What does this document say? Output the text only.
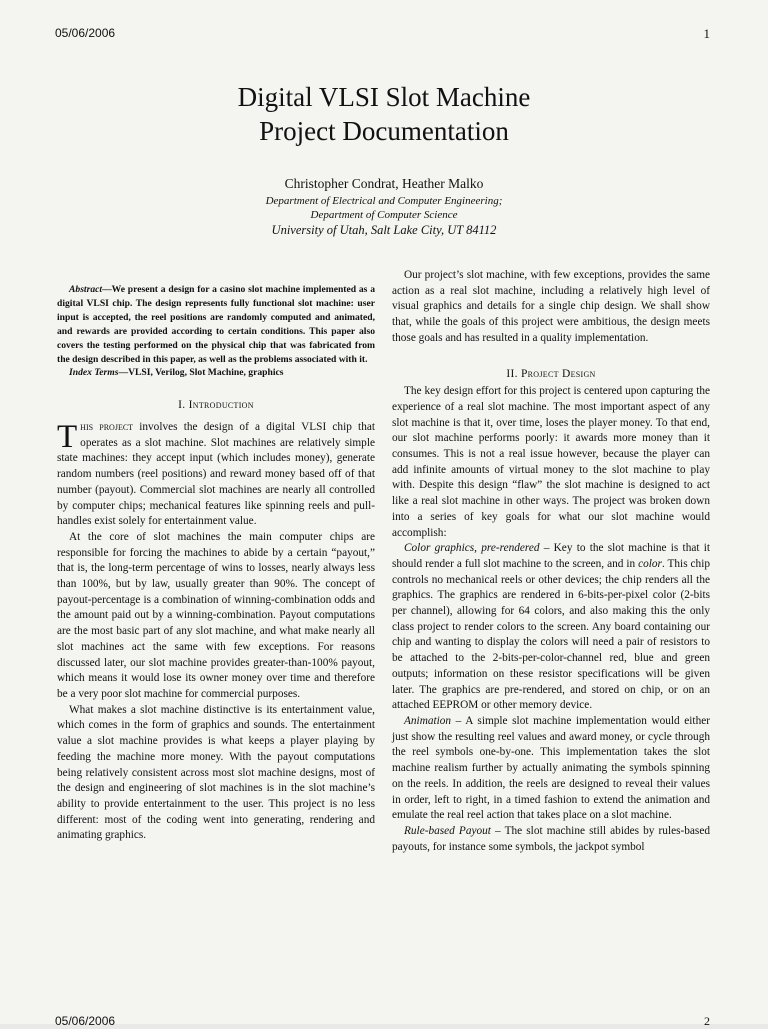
05/06/2006	1
Digital VLSI Slot Machine
Project Documentation
Christopher Condrat, Heather Malko
Department of Electrical and Computer Engineering;
Department of Computer Science
University of Utah, Salt Lake City, UT 84112

Abstract—We present a design for a casino slot machine implemented as a digital VLSI chip. The design represents fully functional slot machine: user input is accepted, the reel positions are randomly computed and animated, and rewards are provided according to certain conditions. This paper also covers the testing performed on the physical chip that was fabricated from the design described in this paper, as well as the problems associated with it.

Index Terms—VLSI, Verilog, Slot Machine, graphics

I. Introduction

This project involves the design of a digital VLSI chip that operates as a slot machine. Slot machines are relatively simple state machines: they accept input (which includes money), generate random numbers (reel positions) and reward money based off of that number (payout). Commercial slot machines are nearly all controlled by computer chips; mechanical features like spinning reels and pull-handles exist solely for entertainment value.

At the core of slot machines the main computer chips are responsible for forcing the machines to abide by a certain “payout,” that is, the long-term percentage of wins to losses, nearly always less than 100%, but by law, usually greater than 90%. The concept of payout-percentage is a combination of winning-combination odds and the amount paid out by a winning-combination. Payout computations are the most basic part of any slot machine, and what make nearly all slot machines act the same with few exceptions. For reasons discussed later, our slot machine provides greater-than-100% payout, which means it would lose its owner money over time and therefore be a very poor slot machine for commercial purposes.

What makes a slot machine distinctive is its entertainment value, which comes in the form of graphics and sounds. The entertainment value a slot machine provides is what keeps a player playing by feeding the machine more money. With the payout computations being relatively consistent across most slot machine designs, most of the design and engineering of slot machines is in the slot machine’s ability to provide entertainment to the user. This project is no less different: most of the coding went into generating, rendering and animating graphics.

Our project’s slot machine, with few exceptions, provides the same action as a real slot machine, including a relatively high level of visual graphics and details for a single chip design. We shall show that, while the goals of this project were ambitious, the design meets those goals and has resulted in a quality implementation.

II. Project Design

The key design effort for this project is centered upon capturing the experience of a real slot machine. The most important aspect of any slot machine is that it, over time, loses the player money. To that end, our slot machine performs poorly: it awards more money than it consumes. This is not a real issue however, because the player can add infinite amounts of virtual money to the slot machine to play with. Despite this design “flaw” the slot machine is designed to act like a real slot machine in other ways. The project was broken down into a series of key goals for what our slot machine would accomplish:

Color graphics, pre-rendered – Key to the slot machine is that it should render a full slot machine to the screen, and in color. This chip controls no mechanical reels or other devices; the chip renders all the graphics. The graphics are rendered in 6-bits-per-pixel color (2-bits per channel), allowing for 64 colors, and also making this the only class project to render colors to the screen. Any board containing our chip and wanting to display the colors will need a pair of resistors to be attached to the 2-bits-per-color-channel red, blue and green outputs; information on these resistor specifications will be given later. The graphics are pre-rendered, and stored on chip, or on an attached EEPROM or other memory device.

Animation – A simple slot machine implementation would either just show the resulting reel values and award money, or cycle through the reel symbols one-by-one. This implementation takes the slot machine realism further by actually animating the symbols spinning on the reels. In addition, the reels are designed to reveal their values in order, left to right, in a timed fashion to extend the animation and emulate the real reel action that takes place on a slot machine.

Rule-based Payout – The slot machine still abides by rules-based payouts, for instance some symbols, the jackpot symbol

05/06/2006	2
